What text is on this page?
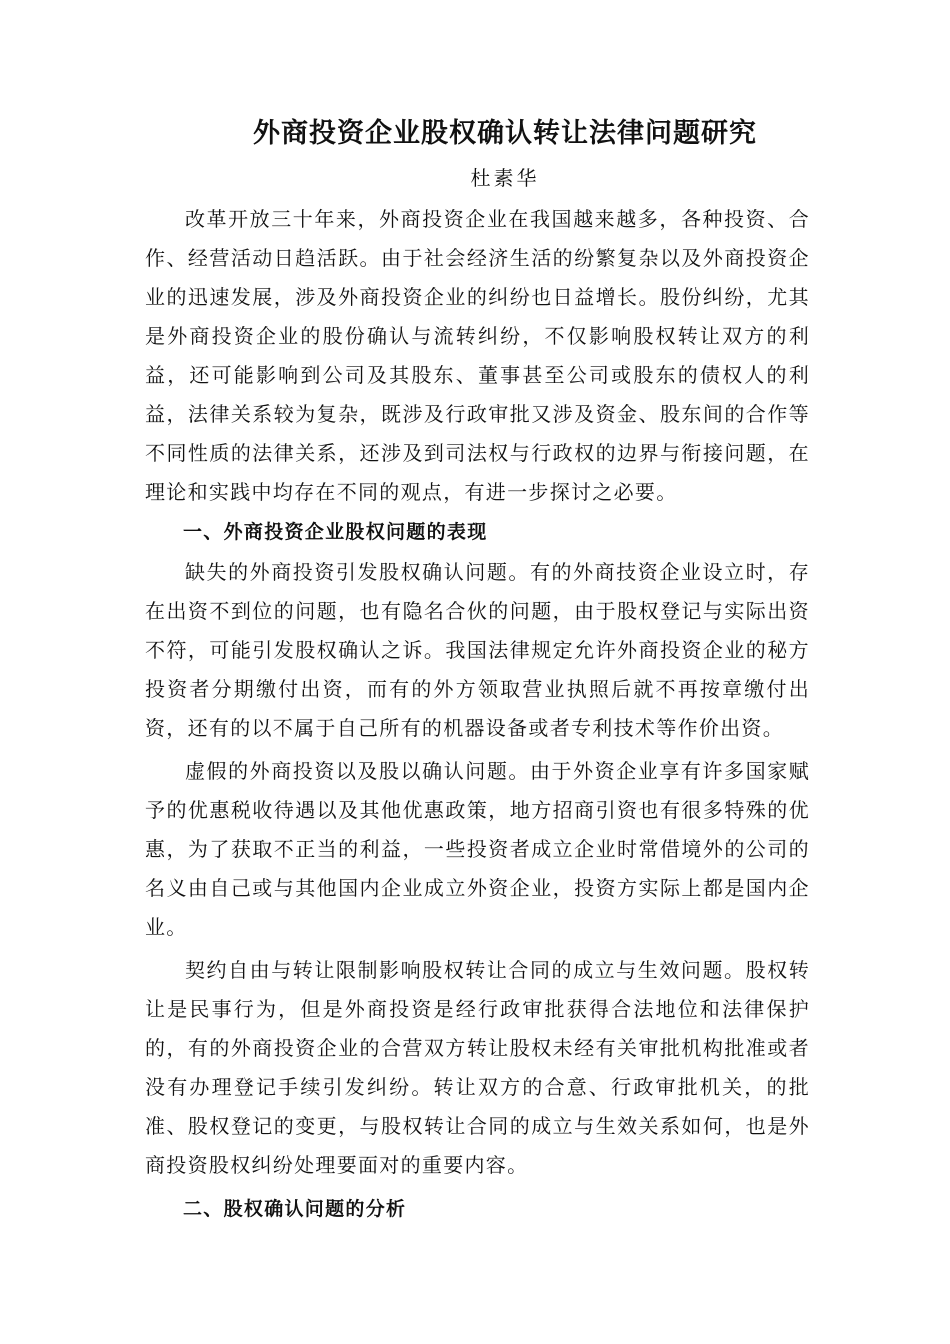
外商投资企业股权确认转让法律问题研究

杜素华

改革开放三十年来，外商投资企业在我国越来越多，各种投资、合作、经营活动日趋活跃。由于社会经济生活的纷繁复杂以及外商投资企业的迅速发展，涉及外商投资企业的纠纷也日益增长。股份纠纷，尤其是外商投资企业的股份确认与流转纠纷，不仅影响股权转让双方的利益，还可能影响到公司及其股东、董事甚至公司或股东的债权人的利益，法律关系较为复杂，既涉及行政审批又涉及资金、股东间的合作等不同性质的法律关系，还涉及到司法权与行政权的边界与衔接问题，在理论和实践中均存在不同的观点，有进一步探讨之必要。

一、外商投资企业股权问题的表现

缺失的外商投资引发股权确认问题。有的外商技资企业设立时，存在出资不到位的问题，也有隐名合伙的问题，由于股权登记与实际出资不符，可能引发股权确认之诉。我国法律规定允许外商投资企业的秘方投资者分期缴付出资，而有的外方领取营业执照后就不再按章缴付出资，还有的以不属于自己所有的机器设备或者专利技术等作价出资。

虚假的外商投资以及股以确认问题。由于外资企业享有许多国家赋予的优惠税收待遇以及其他优惠政策，地方招商引资也有很多特殊的优惠，为了获取不正当的利益，一些投资者成立企业时常借境外的公司的名义由自己或与其他国内企业成立外资企业，投资方实际上都是国内企业。

契约自由与转让限制影响股权转让合同的成立与生效问题。股权转让是民事行为，但是外商投资是经行政审批获得合法地位和法律保护的，有的外商投资企业的合营双方转让股权未经有关审批机构批准或者没有办理登记手续引发纠纷。转让双方的合意、行政审批机关，的批准、股权登记的变更，与股权转让合同的成立与生效关系如何，也是外商投资股权纠纷处理要面对的重要内容。

二、股权确认问题的分析
